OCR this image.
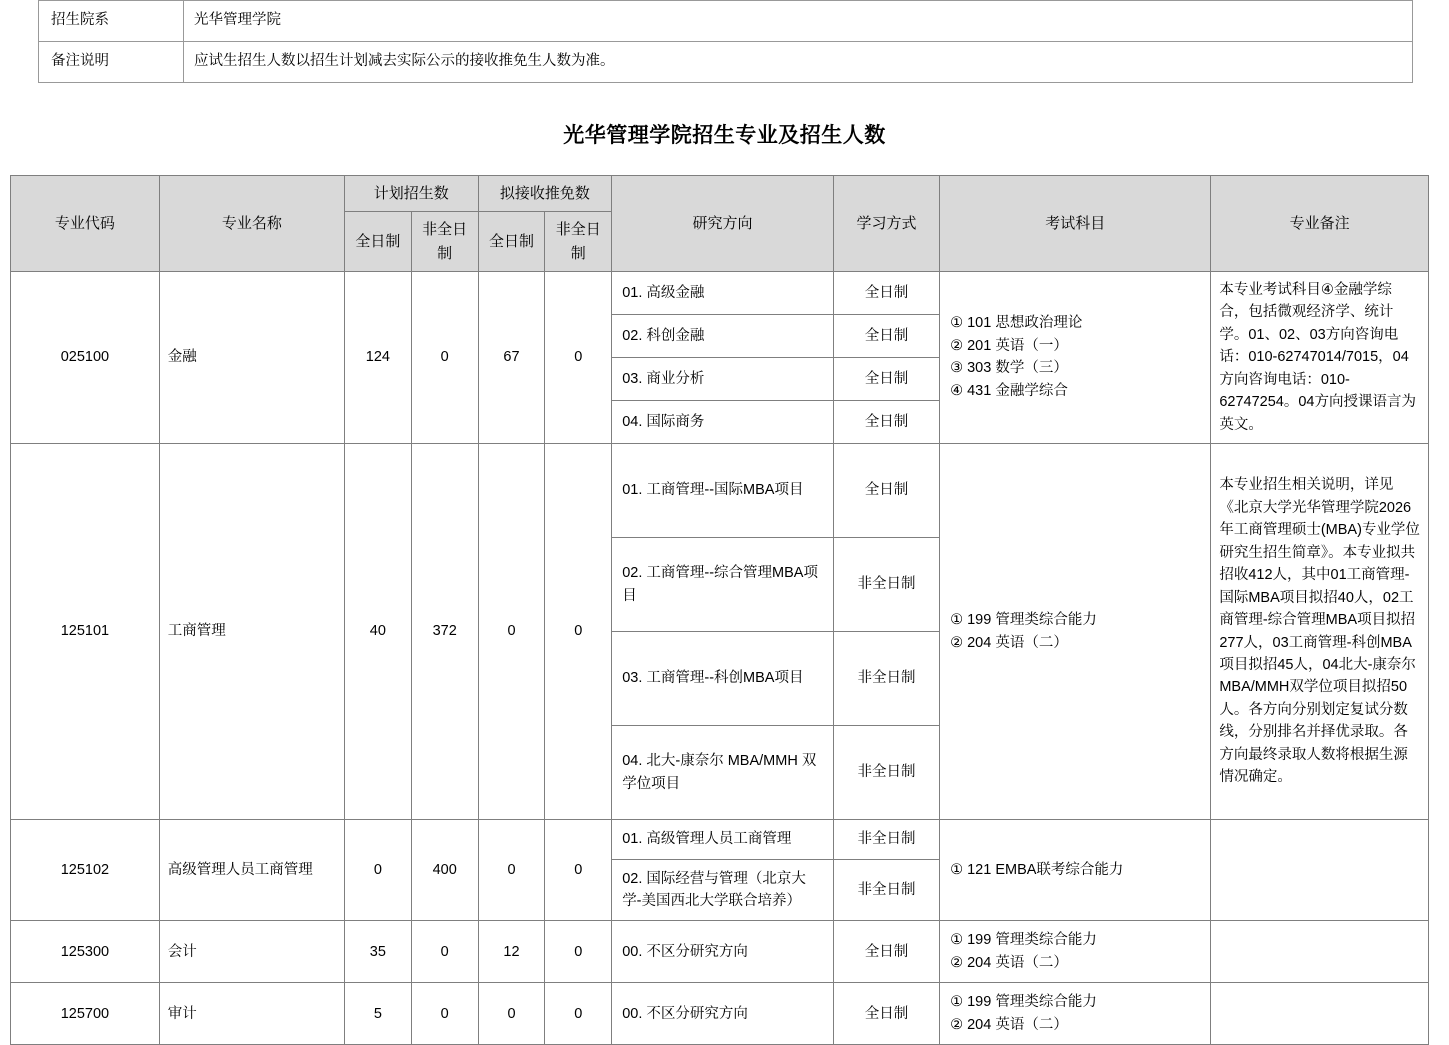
招生院系	光华管理学院
备注说明	应试生招生人数以招生计划减去实际公示的接收推免生人数为准。
光华管理学院招生专业及招生人数
专业代码	专业名称	计划招生数		拟接收推免数		研究方向	学习方式	考试科目	专业备注
		全日制	非全日制	全日制	非全日制				
025100	金融	124	0	67	0	01. 高级金融	全日制	① 101 思想政治理论
② 201 英语（一）
③ 303 数学（三）
④ 431 金融学综合	本专业考试科目④金融学综合，包括微观经济学、统计学。01、02、03方向咨询电话：010-62747014/7015，04方向咨询电话：010-62747254。04方向授课语言为英文。
						02. 科创金融	全日制		
						03. 商业分析	全日制		
						04. 国际商务	全日制		
125101	工商管理	40	372	0	0	01. 工商管理--国际MBA项目	全日制	① 199 管理类综合能力
② 204 英语（二）	本专业招生相关说明，详见《北京大学光华管理学院2026年工商管理硕士(MBA)专业学位研究生招生简章》。本专业拟共招收412人，其中01工商管理-国际MBA项目拟招40人，02工商管理-综合管理MBA项目拟招277人，03工商管理-科创MBA项目拟招45人，04北大-康奈尔MBA/MMH双学位项目拟招50人。各方向分别划定复试分数线，分别排名并择优录取。各方向最终录取人数将根据生源情况确定。
						02. 工商管理--综合管理MBA项目	非全日制		
						03. 工商管理--科创MBA项目	非全日制		
						04. 北大-康奈尔 MBA/MMH 双学位项目	非全日制		
125102	高级管理人员工商管理	0	400	0	0	01. 高级管理人员工商管理	非全日制	① 121 EMBA联考综合能力	

						02. 国际经营与管理（北京大学-美国西北大学联合培养）	非全日制		
125300	会计	35	0	12	0	00. 不区分研究方向	全日制	① 199 管理类综合能力
② 204 英语（二）	

125700	审计	5	0	0	0	00. 不区分研究方向	全日制	① 199 管理类综合能力
② 204 英语（二）	
